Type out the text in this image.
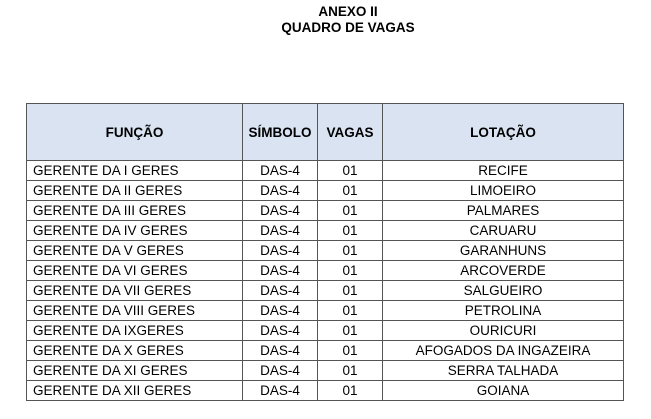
ANEXO II
QUADRO DE VAGAS
FUNÇÃO	SÍMBOLO	VAGAS	LOTAÇÃO
GERENTE DA I GERES	DAS-4	01	RECIFE
GERENTE DA II GERES	DAS-4	01	LIMOEIRO
GERENTE DA III GERES	DAS-4	01	PALMARES
GERENTE DA IV GERES	DAS-4	01	CARUARU
GERENTE DA V GERES	DAS-4	01	GARANHUNS
GERENTE DA VI GERES	DAS-4	01	ARCOVERDE
GERENTE DA VII GERES	DAS-4	01	SALGUEIRO
GERENTE DA VIII GERES	DAS-4	01	PETROLINA
GERENTE DA IXGERES	DAS-4	01	OURICURI
GERENTE DA X GERES	DAS-4	01	AFOGADOS DA INGAZEIRA
GERENTE DA XI GERES	DAS-4	01	SERRA TALHADA
GERENTE DA XII GERES	DAS-4	01	GOIANA
